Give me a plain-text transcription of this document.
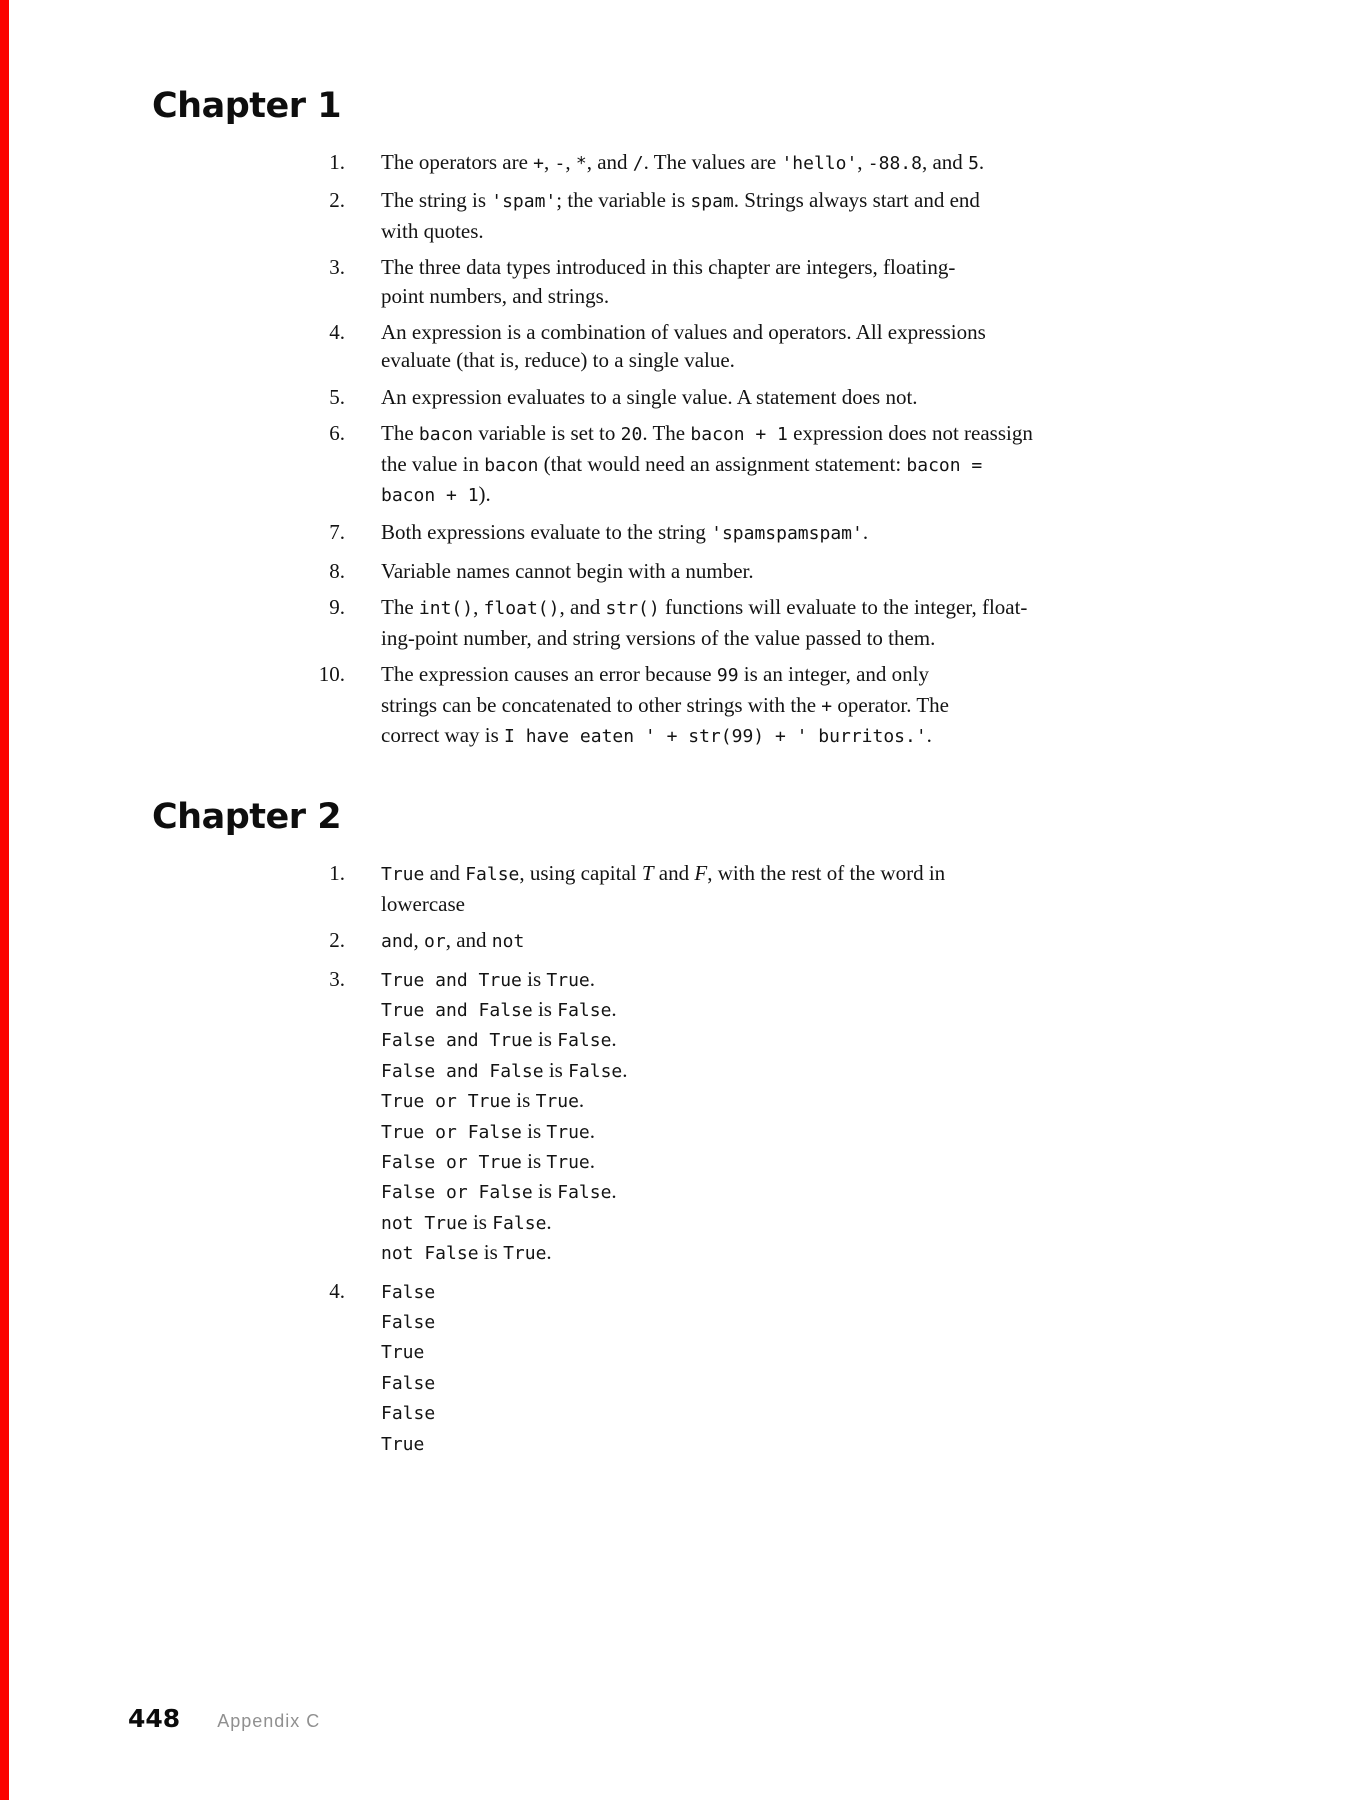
Chapter 1
1. The operators are +, -, *, and /. The values are 'hello', -88.8, and 5.
2. The string is 'spam'; the variable is spam. Strings always start and end
with quotes.
3. The three data types introduced in this chapter are integers, floating-
point numbers, and strings.
4. An expression is a combination of values and operators. All expressions
evaluate (that is, reduce) to a single value.
5. An expression evaluates to a single value. A statement does not.
6. The bacon variable is set to 20. The bacon + 1 expression does not reassign
the value in bacon (that would need an assignment statement: bacon =
bacon + 1).
7. Both expressions evaluate to the string 'spamspamspam'.
8. Variable names cannot begin with a number.
9. The int(), float(), and str() functions will evaluate to the integer, float-
ing-point number, and string versions of the value passed to them.
10. The expression causes an error because 99 is an integer, and only
strings can be concatenated to other strings with the + operator. The
correct way is I have eaten ' + str(99) + ' burritos.'.
Chapter 2
1. True and False, using capital T and F, with the rest of the word in
lowercase
2. and, or, and not
3. True and True is True.
True and False is False.
False and True is False.
False and False is False.
True or True is True.
True or False is True.
False or True is True.
False or False is False.
not True is False.
not False is True.
4. False
False
True
False
False
True
448 Appendix C
